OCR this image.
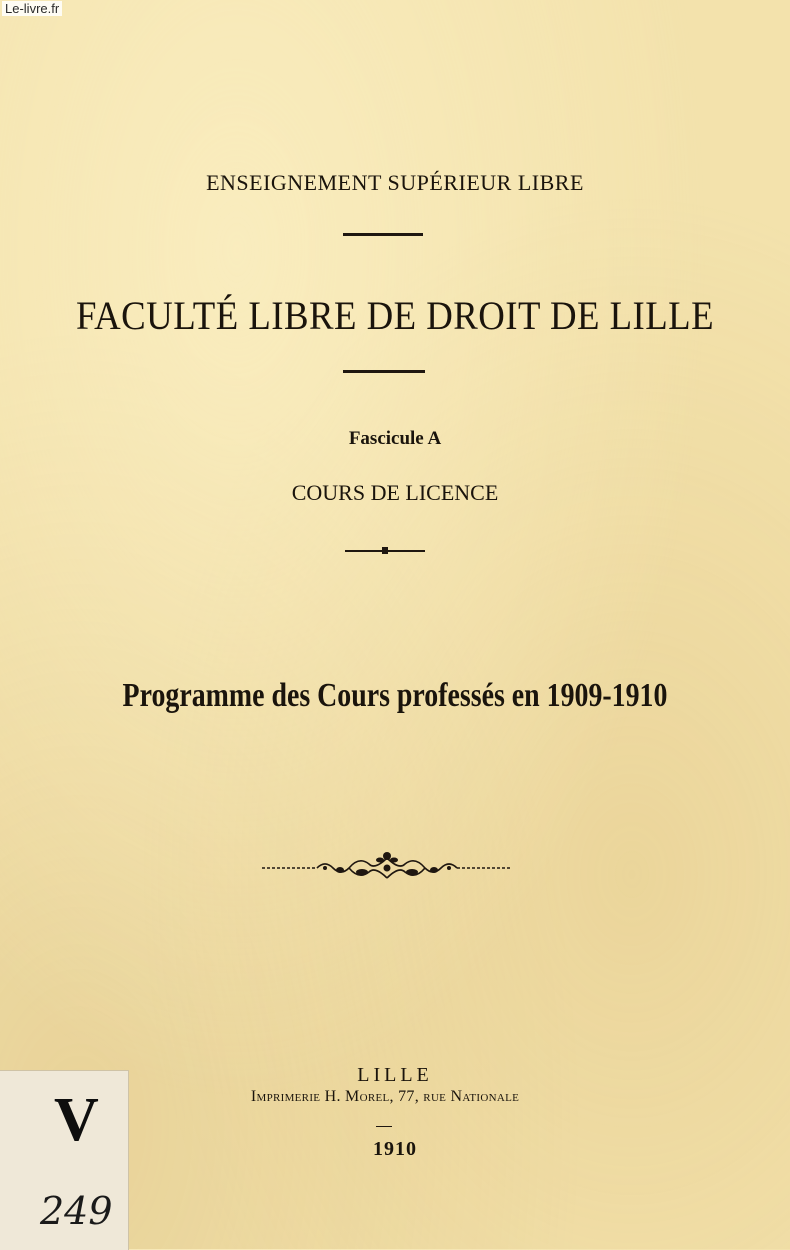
Le-livre.fr
ENSEIGNEMENT SUPÉRIEUR LIBRE
FACULTÉ LIBRE DE DROIT DE LILLE
Fascicule A
COURS DE LICENCE
Programme des Cours professés en 1909-1910
LILLE
Imprimerie H. Morel, 77, rue Nationale
1910
V
249
